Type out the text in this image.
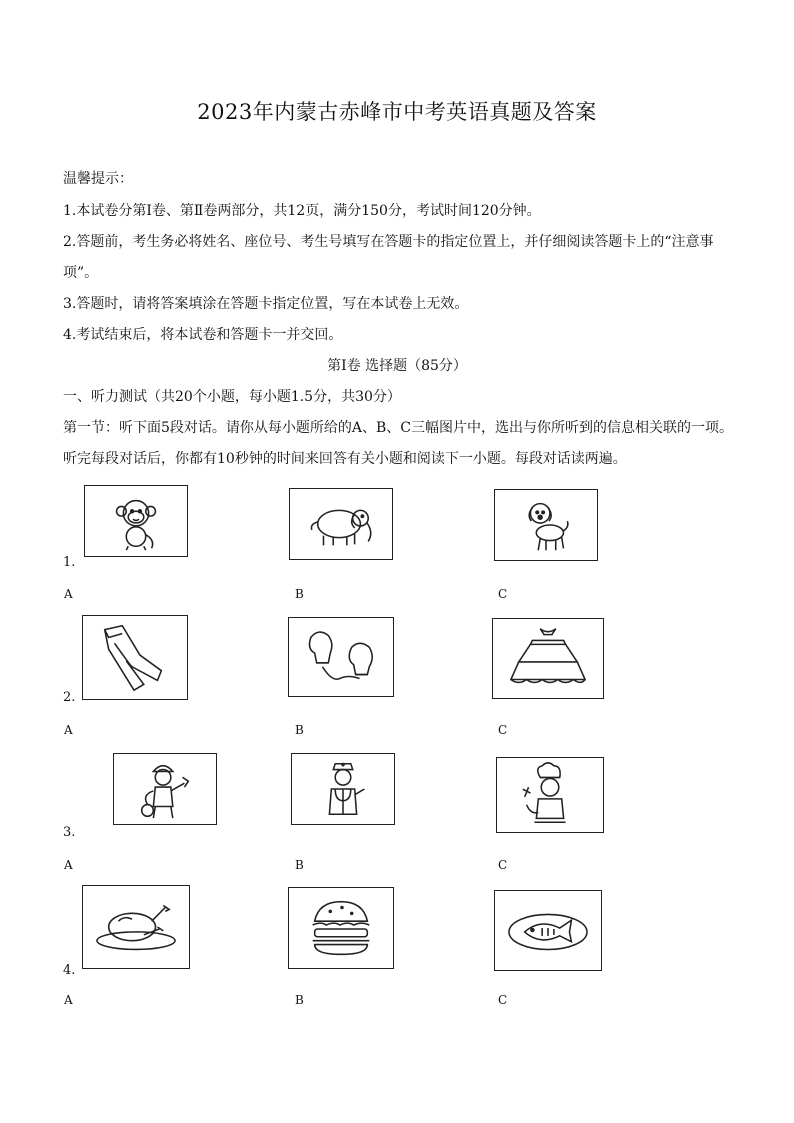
2023年内蒙古赤峰市中考英语真题及答案
温馨提示：
1.本试卷分第Ⅰ卷、第Ⅱ卷两部分，共12页，满分150分，考试时间120分钟。
2.答题前，考生务必将姓名、座位号、考生号填写在答题卡的指定位置上，并仔细阅读答题卡上的“注意事
项”。
3.答题时，请将答案填涂在答题卡指定位置，写在本试卷上无效。
4.考试结束后，将本试卷和答题卡一并交回。
第Ⅰ卷 选择题（85分）
一、听力测试（共20个小题，每小题1.5分，共30分）
第一节：听下面5段对话。请你从每小题所给的A、B、C三幅图片中，选出与你所听到的信息相关联的一项。
听完每段对话后，你都有10秒钟的时间来回答有关小题和阅读下一小题。每段对话读两遍。
1.
A	B	C
2.
A	B	C
3.
A	B	C
4.
A	B	C
